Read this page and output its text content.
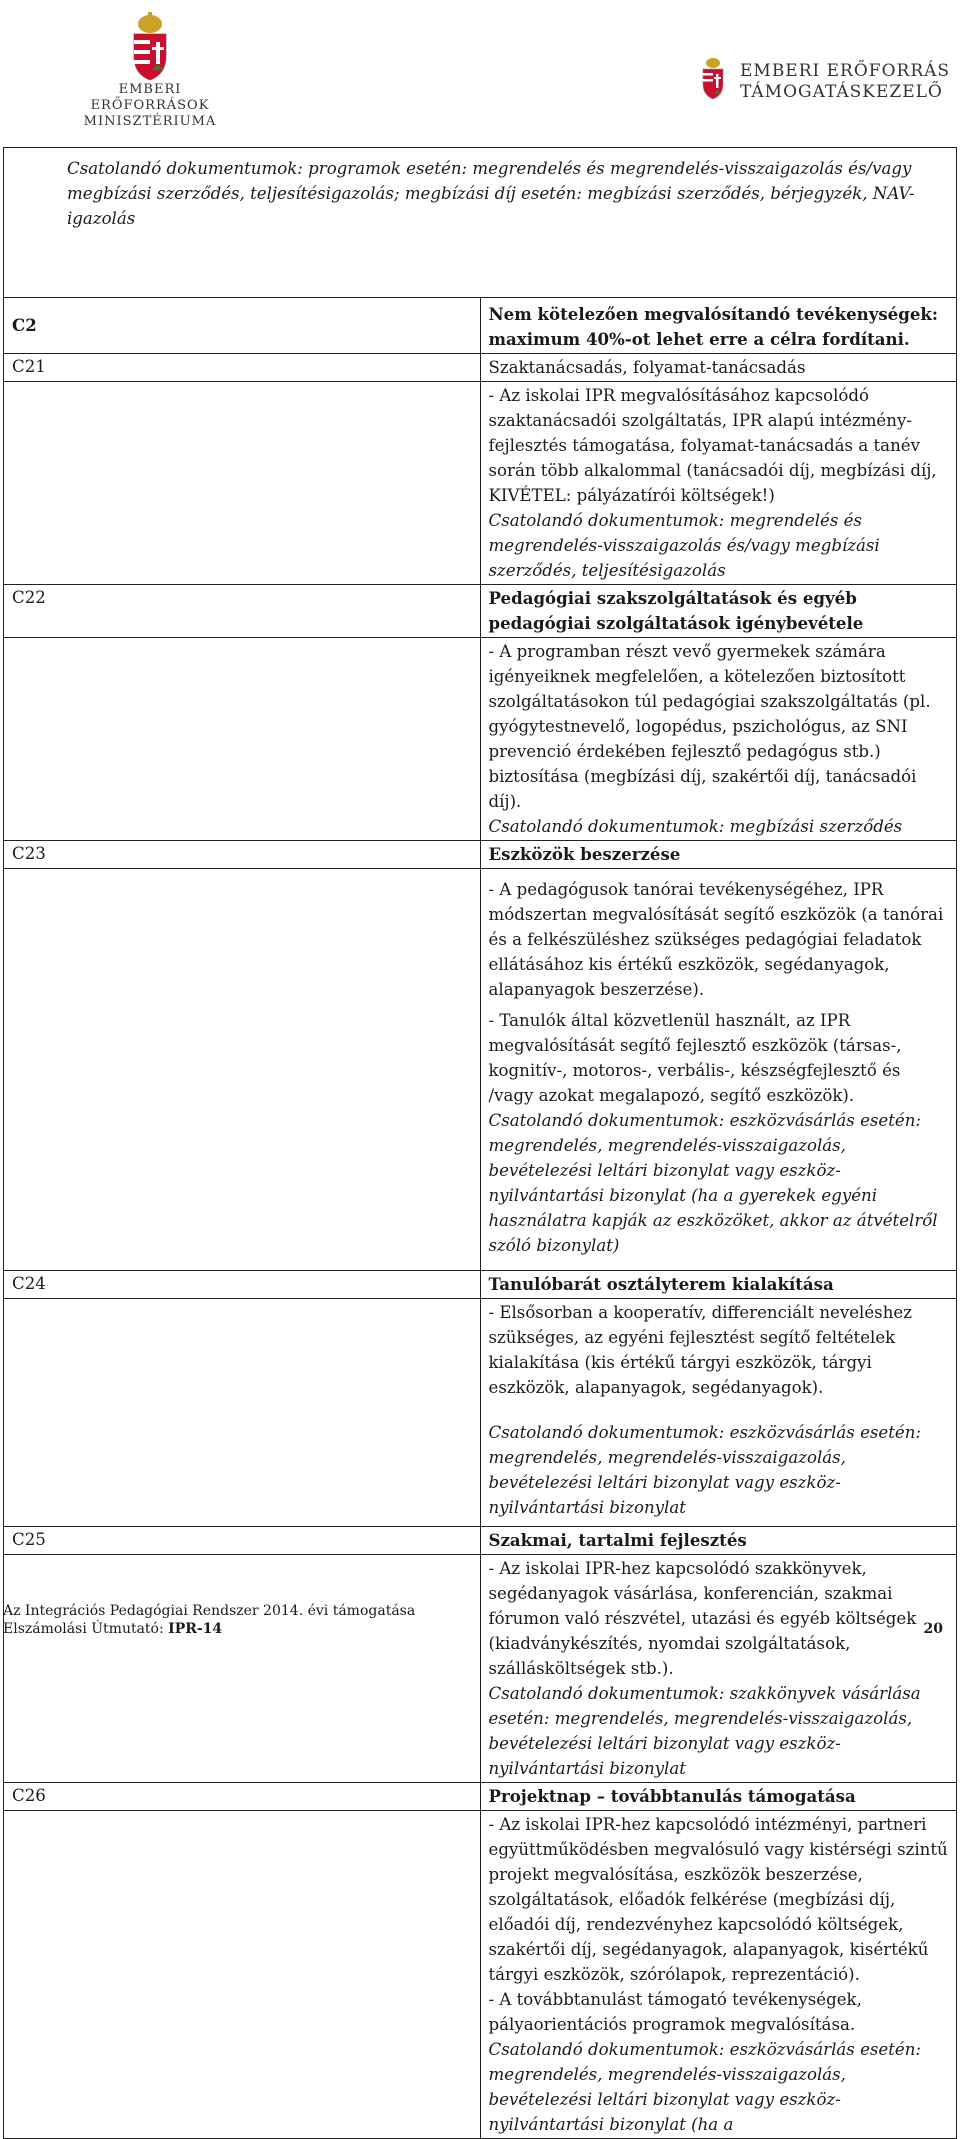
EMBERI ERŐFORRÁSOK
MINISZTÉRIUMA
EMBERI ERŐFORRÁS
TÁMOGATÁSKEZELŐ

Csatolandó dokumentumok: programok esetén: megrendelés és megrendelés-visszaigazolás és/vagy megbízási szerződés, teljesítésigazolás; megbízási díj esetén: megbízási szerződés, bérjegyzék, NAV-igazolás	

C2	Nem kötelezően megvalósítandó tevékenységek: maximum 40%-ot lehet erre a célra fordítani.
C21	Szaktanácsadás, folyamat-tanácsadás

	- Az iskolai IPR megvalósításához kapcsolódó szaktanácsadói szolgáltatás, IPR alapú intézmény-fejlesztés támogatása, folyamat-tanácsadás a tanév során több alkalommal (tanácsadói díj, megbízási díj, KIVÉTEL: pályázatírói költségek!)

Csatolandó dokumentumok: megrendelés és megrendelés-visszaigazolás és/vagy megbízási szerződés, teljesítésigazolás

C22	Pedagógiai szakszolgáltatások és egyéb pedagógiai szolgáltatások igénybevétele

	- A programban részt vevő gyermekek számára igényeiknek megfelelően, a kötelezően biztosított szolgáltatásokon túl pedagógiai szakszolgáltatás (pl. gyógytestnevelő, logopédus, pszichológus, az SNI prevenció érdekében fejlesztő pedagógus stb.) biztosítása (megbízási díj, szakértői díj, tanácsadói díj).

Csatolandó dokumentumok: megbízási szerződés

C23	Eszközök beszerzése

	- A pedagógusok tanórai tevékenységéhez, IPR módszertan megvalósítását segítő eszközök (a tanórai és a felkészüléshez szükséges pedagógiai feladatok ellátásához kis értékű eszközök, segédanyagok, alapanyagok beszerzése).

- Tanulók által közvetlenül használt, az IPR megvalósítását segítő fejlesztő eszközök (társas-, kognitív-, motoros-, verbális-, készségfejlesztő és /vagy azokat megalapozó, segítő eszközök).

Csatolandó dokumentumok: eszközvásárlás esetén: megrendelés, megrendelés-visszaigazolás, bevételezési leltári bizonylat vagy eszköz-nyilvántartási bizonylat (ha a gyerekek egyéni használatra kapják az eszközöket, akkor az átvételről szóló bizonylat)

C24	Tanulóbarát osztályterem kialakítása

	- Elsősorban a kooperatív, differenciált neveléshez szükséges, az egyéni fejlesztést segítő feltételek kialakítása (kis értékű tárgyi eszközök, tárgyi eszközök, alapanyagok, segédanyagok).

Csatolandó dokumentumok: eszközvásárlás esetén: megrendelés, megrendelés-visszaigazolás, bevételezési leltári bizonylat vagy eszköz-nyilvántartási bizonylat

C25	Szakmai, tartalmi fejlesztés

	- Az iskolai IPR-hez kapcsolódó szakkönyvek, segédanyagok vásárlása, konferencián, szakmai fórumon való részvétel, utazási és egyéb költségek (kiadványkészítés, nyomdai szolgáltatások, szállásköltségek stb.).

Csatolandó dokumentumok: szakkönyvek vásárlása esetén: megrendelés, megrendelés-visszaigazolás, bevételezési leltári bizonylat vagy eszköz-nyilvántartási bizonylat

C26	Projektnap – továbbtanulás támogatása

	- Az iskolai IPR-hez kapcsolódó intézményi, partneri együttműködésben megvalósuló vagy kistérségi szintű projekt megvalósítása, eszközök beszerzése, szolgáltatások, előadók felkérése (megbízási díj, előadói díj, rendezvényhez kapcsolódó költségek, szakértői díj, segédanyagok, alapanyagok, kisértékű tárgyi eszközök, szórólapok, reprezentáció).

- A továbbtanulást támogató tevékenységek, pályaorientációs programok megvalósítása.

Csatolandó dokumentumok: eszközvásárlás esetén: megrendelés, megrendelés-visszaigazolás, bevételezési leltári bizonylat vagy eszköz-nyilvántartási bizonylat (ha a

Az Integrációs Pedagógiai Rendszer 2014. évi támogatása
Elszámolási Útmutató: IPR-14	20
